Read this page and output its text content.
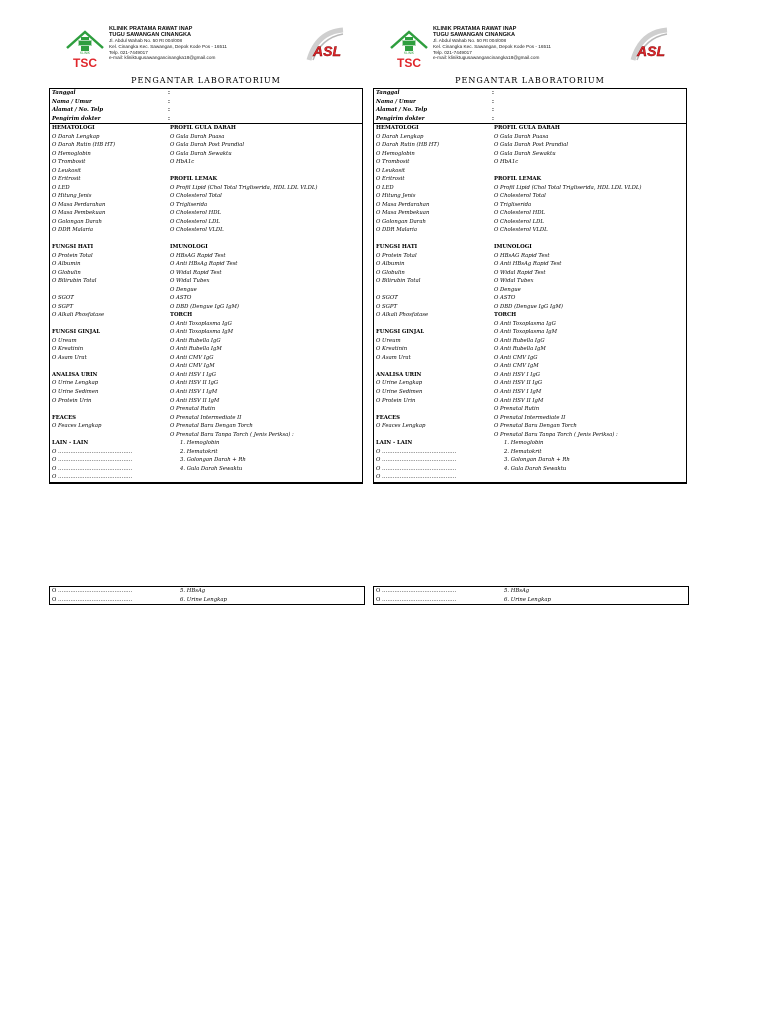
KLINIK
TSC
KLINIK PRATAMA RAWAT INAP
TUGU SAWANGAN CINANGKA
Jl. Abdul Wahab No. 50 Rt 004/008
Kel. Cinangka Kec. Sawangan, Depok Kode Pos - 16511
Telp. 021-7449017
e-mail: kliniktugusawangancinangka18@gmail.com	ASL
PENGANTAR LABORATORIUM
Tanggal	:
Nama / Umur	:
Alamat / No. Telp	:
Pengirim dokter	:
HEMATOLOGI
O Darah Lengkap
O Darah Rutin (HB HT)
O Hemoglobin
O Trombosit
O Leukosit
O Eritrosit
O LED
O Hitung Jenis
O Masa Perdarahan
O Masa Pembekuan
O Golongan Darah
O DDR Malaria
FUNGSI HATI
O Protein Total
O Albumin
O Globulin
O Bilirubin Total
O SGOT
O SGPT
O Alkali Phosfatase
FUNGSI GINJAL
O Ureum
O Kreatinin
O Asam Urat
ANALISA URIN
O Urine Lengkap
O Urine Sedimen
O Protein Urin
FEACES
O Feaces Lengkap
LAIN - LAIN
O ……………………………………
O ……………………………………
O ……………………………………
O ……………………………………
PROFIL GULA DARAH
O Gula Darah Puasa
O Gula Darah Post Prandial
O Gula Darah Sewaktu
O HbA1c
PROFIL LEMAK
O Profil Lipid (Chol Total Trigliserida, HDL LDL VLDL)
O Cholesterol Total
O Trigliserida
O Cholesterol HDL
O Cholesterol LDL
O Cholesterol VLDL
IMUNOLOGI
O HBsAG Rapid Test
O Anti HBsAg Rapid Test
O Widal Rapid Test
O Widal Tubex
O Dengue
O ASTO
O DBD (Dengue IgG IgM)
TORCH
O Anti Toxoplasma IgG
O Anti Toxoplasma IgM
O Anti Rubella IgG
O Anti Rubella IgM
O Anti CMV IgG
O Anti CMV IgM
O Anti HSV I IgG
O Anti HSV II IgG
O Anti HSV I IgM
O Anti HSV II IgM
O Prenatal Rutin
O Prenatal Intermediate II
O Prenatal Baru Dengan Torch
O Prenatal Baru Tanpa Torch ( Jenis Periksa) :
1. Hemoglobin
2. Hematokrit
3. Golongan Darah + Rh
4. Gula Darah Sewaktu
O ……………………………………	5. HBsAg
O ……………………………………	6. Urine Lengkap
KLINIK
TSC
KLINIK PRATAMA RAWAT INAP
TUGU SAWANGAN CINANGKA
Jl. Abdul Wahab No. 50 Rt 004/008
Kel. Cinangka Kec. Sawangan, Depok Kode Pos - 16511
Telp. 021-7449017
e-mail: kliniktugusawangancinangka18@gmail.com	ASL
PENGANTAR LABORATORIUM
Tanggal	:
Nama / Umur	:
Alamat / No. Telp	:
Pengirim dokter	:
HEMATOLOGI
O Darah Lengkap
O Darah Rutin (HB HT)
O Hemoglobin
O Trombosit
O Leukosit
O Eritrosit
O LED
O Hitung Jenis
O Masa Perdarahan
O Masa Pembekuan
O Golongan Darah
O DDR Malaria
FUNGSI HATI
O Protein Total
O Albumin
O Globulin
O Bilirubin Total
O SGOT
O SGPT
O Alkali Phosfatase
FUNGSI GINJAL
O Ureum
O Kreatinin
O Asam Urat
ANALISA URIN
O Urine Lengkap
O Urine Sedimen
O Protein Urin
FEACES
O Feaces Lengkap
LAIN - LAIN
O ……………………………………
O ……………………………………
O ……………………………………
O ……………………………………
PROFIL GULA DARAH
O Gula Darah Puasa
O Gula Darah Post Prandial
O Gula Darah Sewaktu
O HbA1c
PROFIL LEMAK
O Profil Lipid (Chol Total Trigliserida, HDL LDL VLDL)
O Cholesterol Total
O Trigliserida
O Cholesterol HDL
O Cholesterol LDL
O Cholesterol VLDL
IMUNOLOGI
O HBsAG Rapid Test
O Anti HBsAg Rapid Test
O Widal Rapid Test
O Widal Tubex
O Dengue
O ASTO
O DBD (Dengue IgG IgM)
TORCH
O Anti Toxoplasma IgG
O Anti Toxoplasma IgM
O Anti Rubella IgG
O Anti Rubella IgM
O Anti CMV IgG
O Anti CMV IgM
O Anti HSV I IgG
O Anti HSV II IgG
O Anti HSV I IgM
O Anti HSV II IgM
O Prenatal Rutin
O Prenatal Intermediate II
O Prenatal Baru Dengan Torch
O Prenatal Baru Tanpa Torch ( Jenis Periksa) :
1. Hemoglobin
2. Hematokrit
3. Golongan Darah + Rh
4. Gula Darah Sewaktu
O ……………………………………	5. HBsAg
O ……………………………………	6. Urine Lengkap
